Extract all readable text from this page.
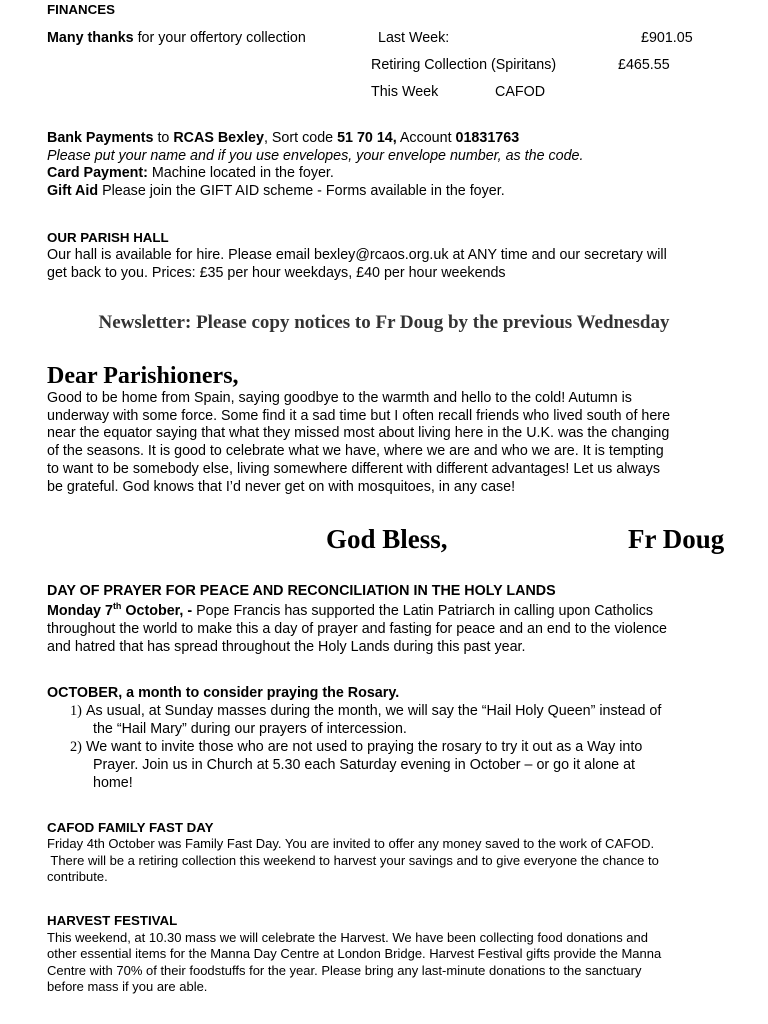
FINANCES
Many thanks for your offertory collection	Last Week:	£901.05
Retiring Collection (Spiritans)	£465.55
This Week	CAFOD
Bank Payments to RCAS Bexley, Sort code 51 70 14, Account 01831763
Please put your name and if you use envelopes, your envelope number, as the code.
Card Payment: Machine located in the foyer.
Gift Aid Please join the GIFT AID scheme - Forms available in the foyer.
OUR PARISH HALL
Our hall is available for hire. Please email bexley@rcaos.org.uk at ANY time and our secretary will
get back to you. Prices: £35 per hour weekdays, £40 per hour weekends
Newsletter: Please copy notices to Fr Doug by the previous Wednesday
Dear Parishioners,
Good to be home from Spain, saying goodbye to the warmth and hello to the cold! Autumn is
underway with some force. Some find it a sad time but I often recall friends who lived south of here
near the equator saying that what they missed most about living here in the U.K. was the changing
of the seasons. It is good to celebrate what we have, where we are and who we are. It is tempting
to want to be somebody else, living somewhere different with different advantages! Let us always
be grateful. God knows that I’d never get on with mosquitoes, in any case!
God Bless,	Fr Doug
DAY OF PRAYER FOR PEACE AND RECONCILIATION IN THE HOLY LANDS
Monday 7th October, - Pope Francis has supported the Latin Patriarch in calling upon Catholics
throughout the world to make this a day of prayer and fasting for peace and an end to the violence
and hatred that has spread throughout the Holy Lands during this past year.
OCTOBER, a month to consider praying the Rosary.
1) As usual, at Sunday masses during the month, we will say the “Hail Holy Queen” instead of
the “Hail Mary” during our prayers of intercession.
2) We want to invite those who are not used to praying the rosary to try it out as a Way into
Prayer. Join us in Church at 5.30 each Saturday evening in October – or go it alone at
home!
CAFOD FAMILY FAST DAY
Friday 4th October was Family Fast Day. You are invited to offer any money saved to the work of CAFOD.
There will be a retiring collection this weekend to harvest your savings and to give everyone the chance to
contribute.
HARVEST FESTIVAL
This weekend, at 10.30 mass we will celebrate the Harvest. We have been collecting food donations and
other essential items for the Manna Day Centre at London Bridge. Harvest Festival gifts provide the Manna
Centre with 70% of their foodstuffs for the year. Please bring any last-minute donations to the sanctuary
before mass if you are able.
